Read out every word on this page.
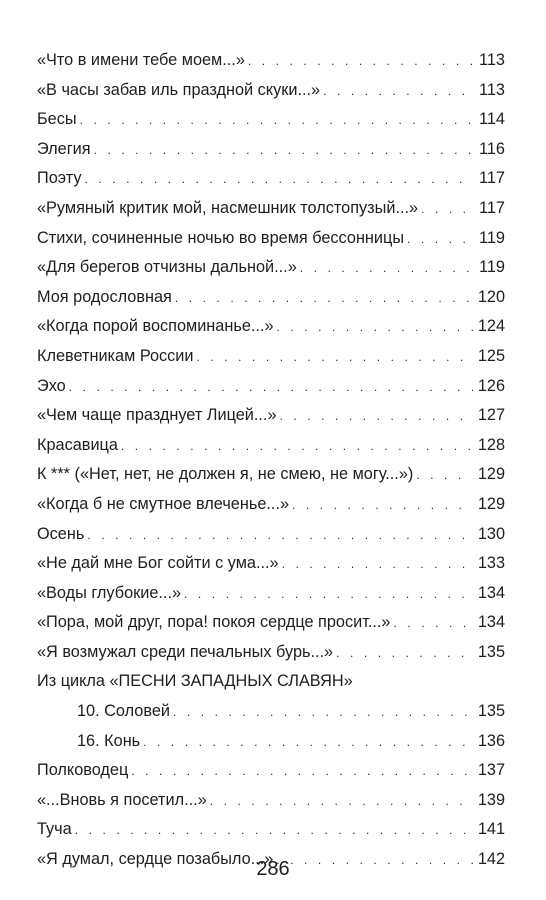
«Что в имени тебе моем...» . . .	113
«В часы забав иль праздной скуки...» . . .	113
Бесы . . .	114
Элегия . . .	116
Поэту . . .	117
«Румяный критик мой, насмешник толстопузый...» . . .	117
Стихи, сочиненные ночью во время бессонницы . . .	119
«Для берегов отчизны дальной...» . . .	119
Моя родословная . . .	120
«Когда порой воспоминанье...» . . .	124
Клеветникам России . . .	125
Эхо . . .	126
«Чем чаще празднует Лицей...» . . .	127
Красавица . . .	128
К *** («Нет, нет, не должен я, не смею, не могу...») . . .	129
«Когда б не смутное влеченье...» . . .	129
Осень . . .	130
«Не дай мне Бог сойти с ума...» . . .	133
«Воды глубокие...» . . .	134
«Пора, мой друг, пора! покоя сердце просит...» . . .	134
«Я возмужал среди печальных бурь...» . . .	135
Из цикла «ПЕСНИ ЗАПАДНЫХ СЛАВЯН»
10. Соловей . . .	135
16. Конь . . .	136
Полководец . . .	137
«...Вновь я посетил...» . . .	139
Туча . . .	141
«Я думал, сердце позабыло...» . . .	142
286
